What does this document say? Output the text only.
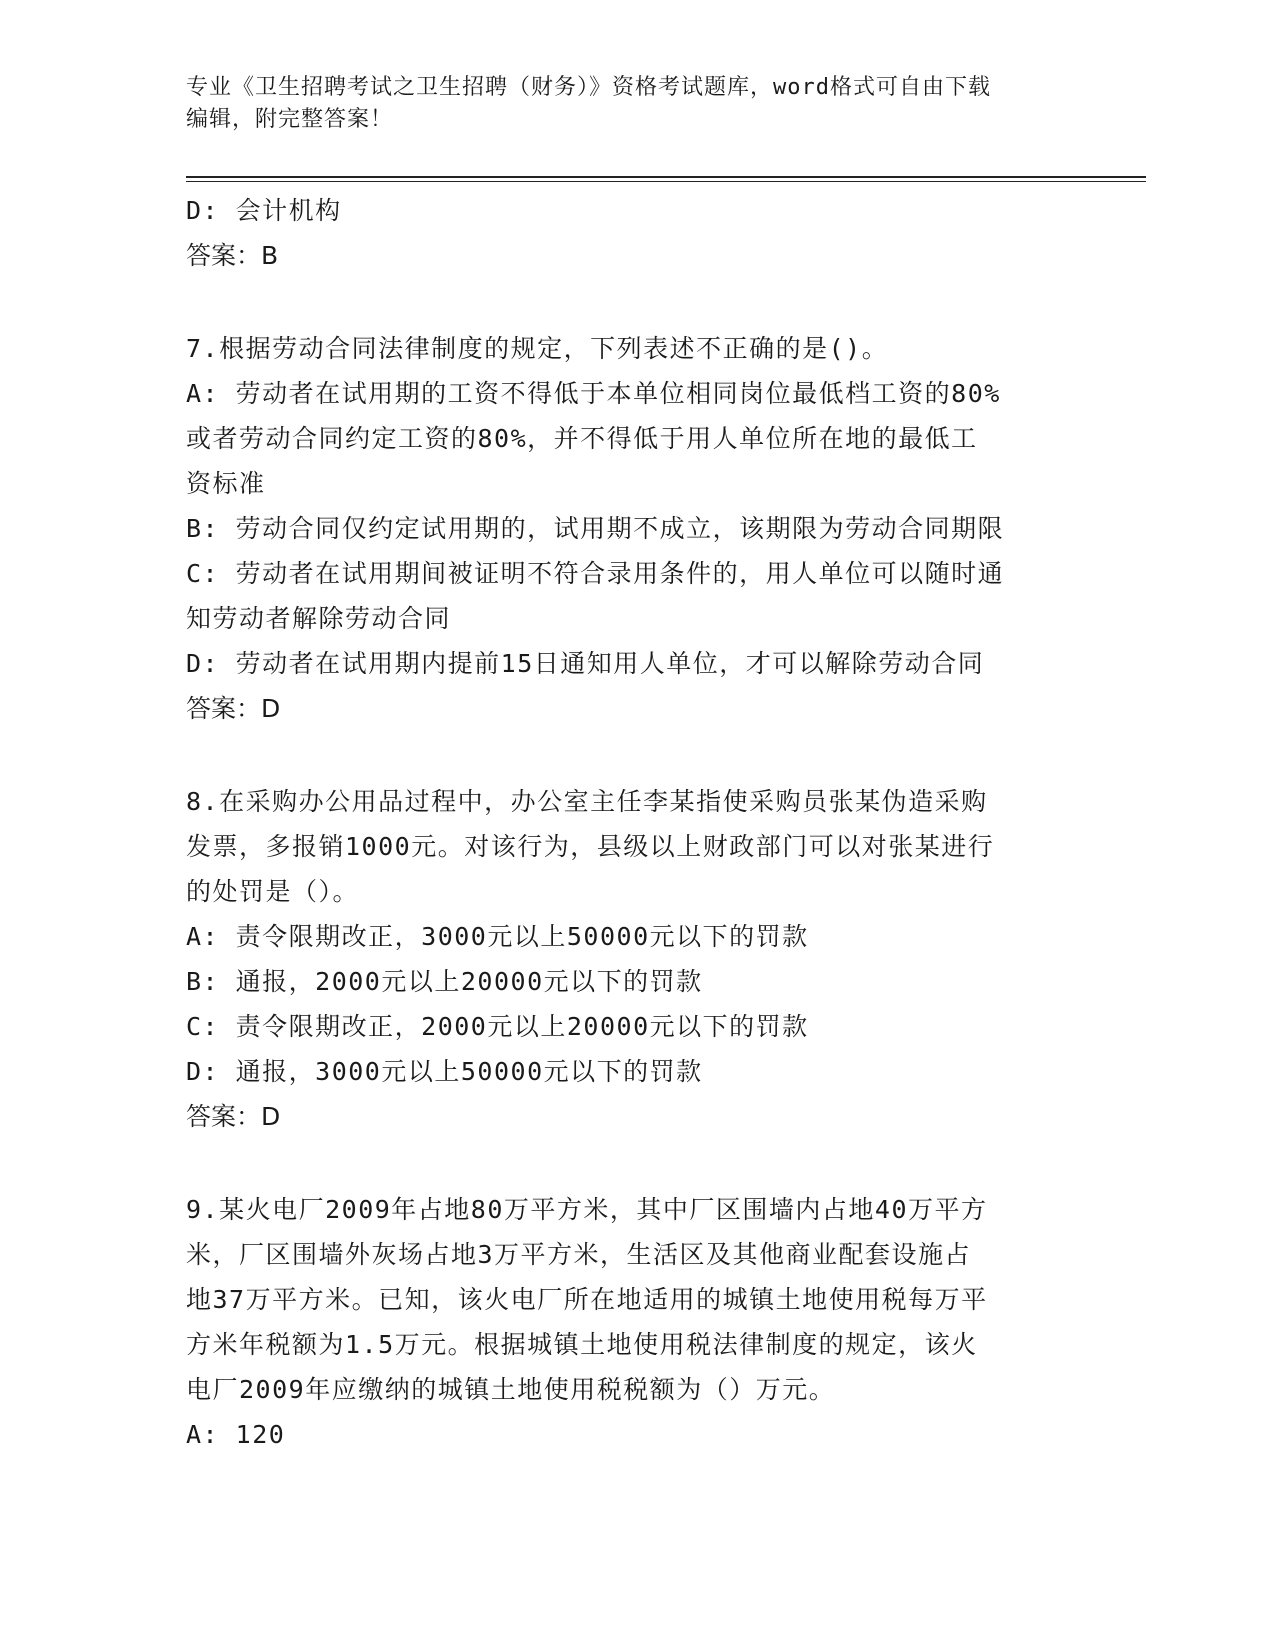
专业《卫生招聘考试之卫生招聘（财务）》资格考试题库，word格式可自由下载
编辑，附完整答案！
D: 会计机构
答案：B
7.根据劳动合同法律制度的规定，下列表述不正确的是()。
A: 劳动者在试用期的工资不得低于本单位相同岗位最低档工资的80%
或者劳动合同约定工资的80%，并不得低于用人单位所在地的最低工
资标准
B: 劳动合同仅约定试用期的，试用期不成立，该期限为劳动合同期限
C: 劳动者在试用期间被证明不符合录用条件的，用人单位可以随时通
知劳动者解除劳动合同
D: 劳动者在试用期内提前15日通知用人单位，才可以解除劳动合同
答案：D
8.在采购办公用品过程中，办公室主任李某指使采购员张某伪造采购
发票，多报销1000元。对该行为，县级以上财政部门可以对张某进行
的处罚是（）。
A: 责令限期改正，3000元以上50000元以下的罚款
B: 通报，2000元以上20000元以下的罚款
C: 责令限期改正，2000元以上20000元以下的罚款
D: 通报，3000元以上50000元以下的罚款
答案：D
9.某火电厂2009年占地80万平方米，其中厂区围墙内占地40万平方
米，厂区围墙外灰场占地3万平方米，生活区及其他商业配套设施占
地37万平方米。已知，该火电厂所在地适用的城镇土地使用税每万平
方米年税额为1.5万元。根据城镇土地使用税法律制度的规定，该火
电厂2009年应缴纳的城镇土地使用税税额为（）万元。
A: 120
